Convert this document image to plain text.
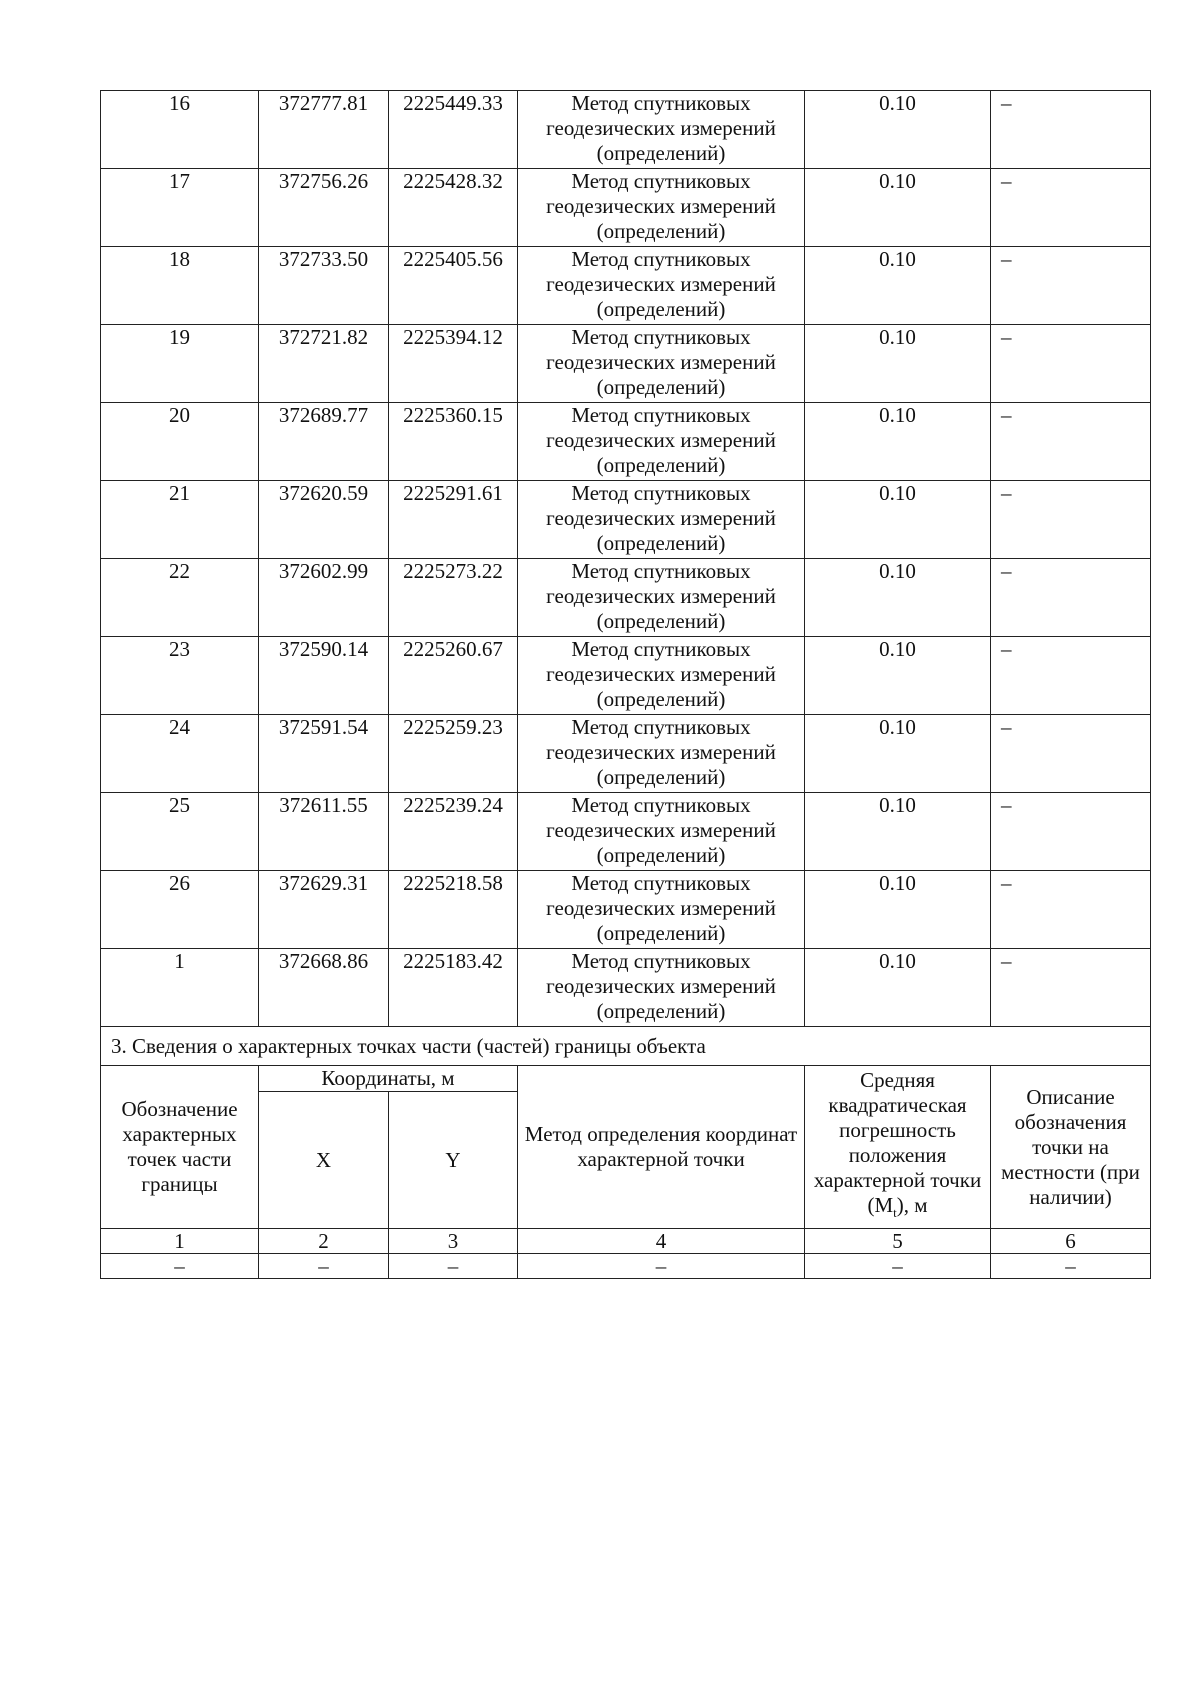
16	372777.81	2225449.33	Метод спутниковых геодезических измерений (определений)	0.10	–
17	372756.26	2225428.32	Метод спутниковых геодезических измерений (определений)	0.10	–
18	372733.50	2225405.56	Метод спутниковых геодезических измерений (определений)	0.10	–
19	372721.82	2225394.12	Метод спутниковых геодезических измерений (определений)	0.10	–
20	372689.77	2225360.15	Метод спутниковых геодезических измерений (определений)	0.10	–
21	372620.59	2225291.61	Метод спутниковых геодезических измерений (определений)	0.10	–
22	372602.99	2225273.22	Метод спутниковых геодезических измерений (определений)	0.10	–
23	372590.14	2225260.67	Метод спутниковых геодезических измерений (определений)	0.10	–
24	372591.54	2225259.23	Метод спутниковых геодезических измерений (определений)	0.10	–
25	372611.55	2225239.24	Метод спутниковых геодезических измерений (определений)	0.10	–
26	372629.31	2225218.58	Метод спутниковых геодезических измерений (определений)	0.10	–
1	372668.86	2225183.42	Метод спутниковых геодезических измерений (определений)	0.10	–
3. Сведения о характерных точках части (частей) границы объекта					
Обозначение характерных точек части границы	Координаты, м		Метод определения координат характерной точки	Средняя квадратическая погрешность положения характерной точки $(M_t)$, м	Описание обозначения точки на местности (при наличии)
	X	Y			
1	2	3	4	5	6
–	–	–	–	–	–
